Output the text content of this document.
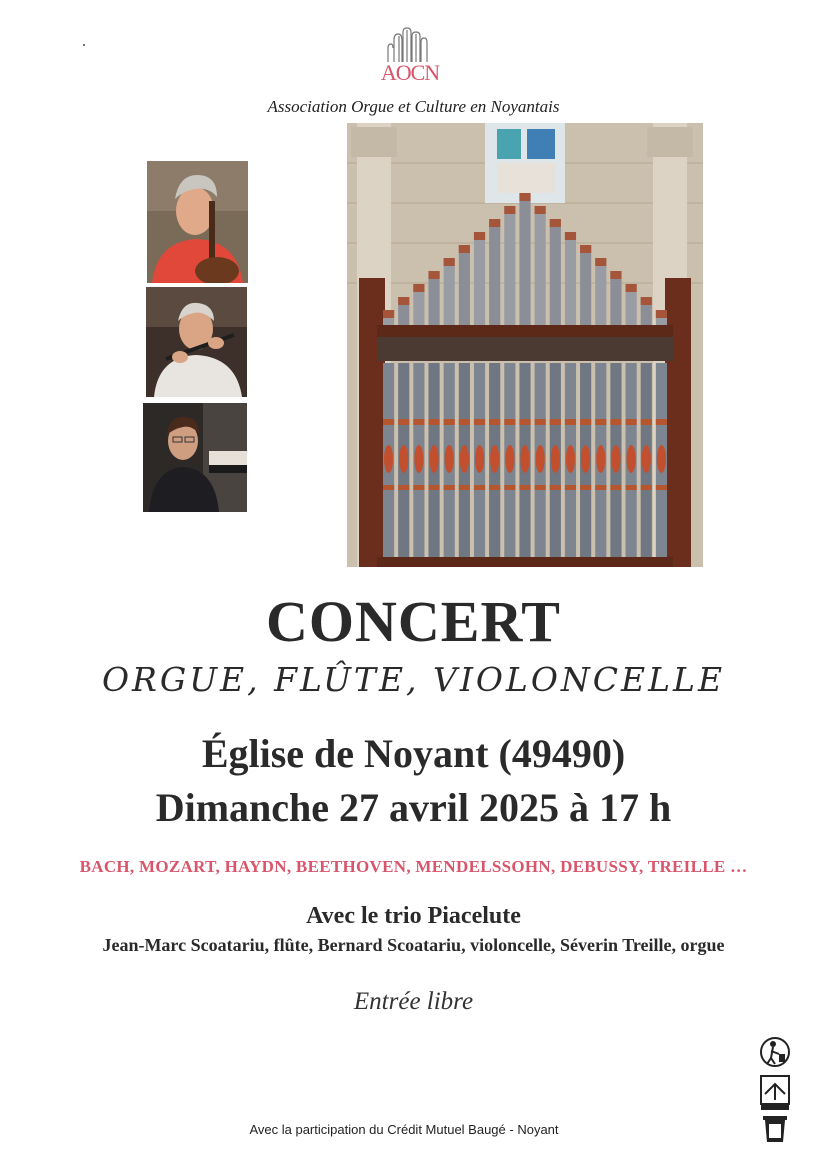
AOCN
Association Orgue et Culture en Noyantais
CONCERT
ORGUE, FLÛTE, VIOLONCELLE
Église de Noyant (49490)
Dimanche 27 avril 2025 à 17 h
BACH, MOZART, HAYDN, BEETHOVEN, MENDELSSOHN, DEBUSSY, TREILLE …
Avec le trio Piacelute
Jean-Marc Scoatariu, flûte, Bernard Scoatariu, violoncelle, Séverin Treille, orgue
Entrée libre
Avec la participation du Crédit Mutuel Baugé - Noyant
